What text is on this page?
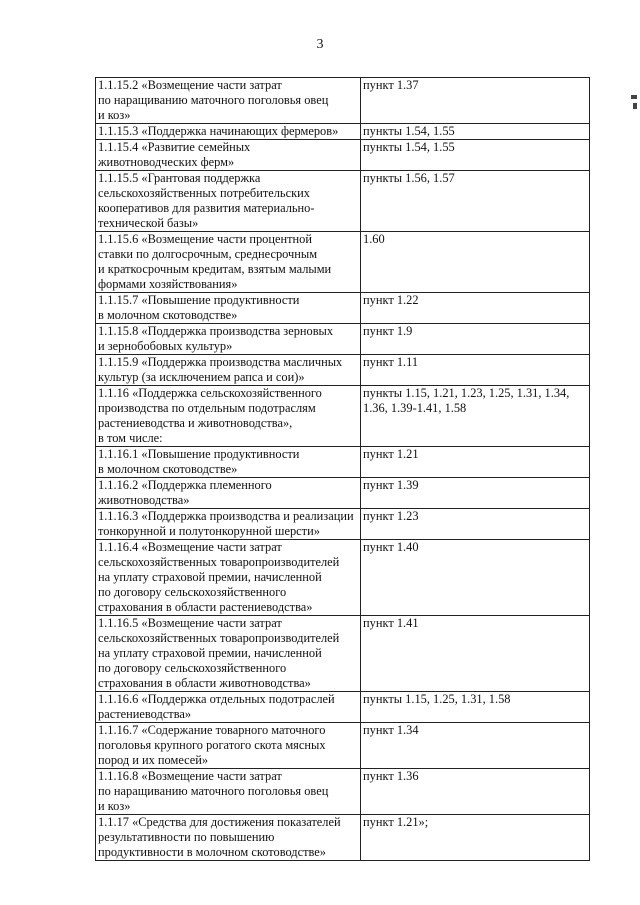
3
1.1.15.2 «Возмещение части затрат
по наращиванию маточного поголовья овец
и коз»	пункт 1.37
1.1.15.3 «Поддержка начинающих фермеров»	пункты 1.54, 1.55
1.1.15.4 «Развитие семейных
животноводческих ферм»	пункты 1.54, 1.55
1.1.15.5 «Грантовая поддержка
сельскохозяйственных потребительских
кооперативов для развития материально-
технической базы»	пункты 1.56, 1.57
1.1.15.6 «Возмещение части процентной
ставки по долгосрочным, среднесрочным
и краткосрочным кредитам, взятым малыми
формами хозяйствования»	1.60
1.1.15.7 «Повышение продуктивности
в молочном скотоводстве»	пункт 1.22
1.1.15.8 «Поддержка производства зерновых
и зернобобовых культур»	пункт 1.9
1.1.15.9 «Поддержка производства масличных
культур (за исключением рапса и сои)»	пункт 1.11
1.1.16 «Поддержка сельскохозяйственного
производства по отдельным подотраслям
растениеводства и животноводства»,
в том числе:	пункты 1.15, 1.21, 1.23, 1.25, 1.31, 1.34,
1.36, 1.39-1.41, 1.58
1.1.16.1 «Повышение продуктивности
в молочном скотоводстве»	пункт 1.21
1.1.16.2 «Поддержка племенного животноводства»	пункт 1.39
1.1.16.3 «Поддержка производства и реализации
тонкорунной и полутонкорунной шерсти»	пункт 1.23
1.1.16.4 «Возмещение части затрат
сельскохозяйственных товаропроизводителей
на уплату страховой премии, начисленной
по договору сельскохозяйственного
страхования в области растениеводства»	пункт 1.40
1.1.16.5 «Возмещение части затрат
сельскохозяйственных товаропроизводителей
на уплату страховой премии, начисленной
по договору сельскохозяйственного
страхования в области животноводства»	пункт 1.41
1.1.16.6 «Поддержка отдельных подотраслей
растениеводства»	пункты 1.15, 1.25, 1.31, 1.58
1.1.16.7 «Содержание товарного маточного
поголовья крупного рогатого скота мясных
пород и их помесей»	пункт 1.34
1.1.16.8 «Возмещение части затрат
по наращиванию маточного поголовья овец
и коз»	пункт 1.36
1.1.17 «Средства для достижения показателей
результативности по повышению
продуктивности в молочном скотоводстве»	пункт 1.21»;
